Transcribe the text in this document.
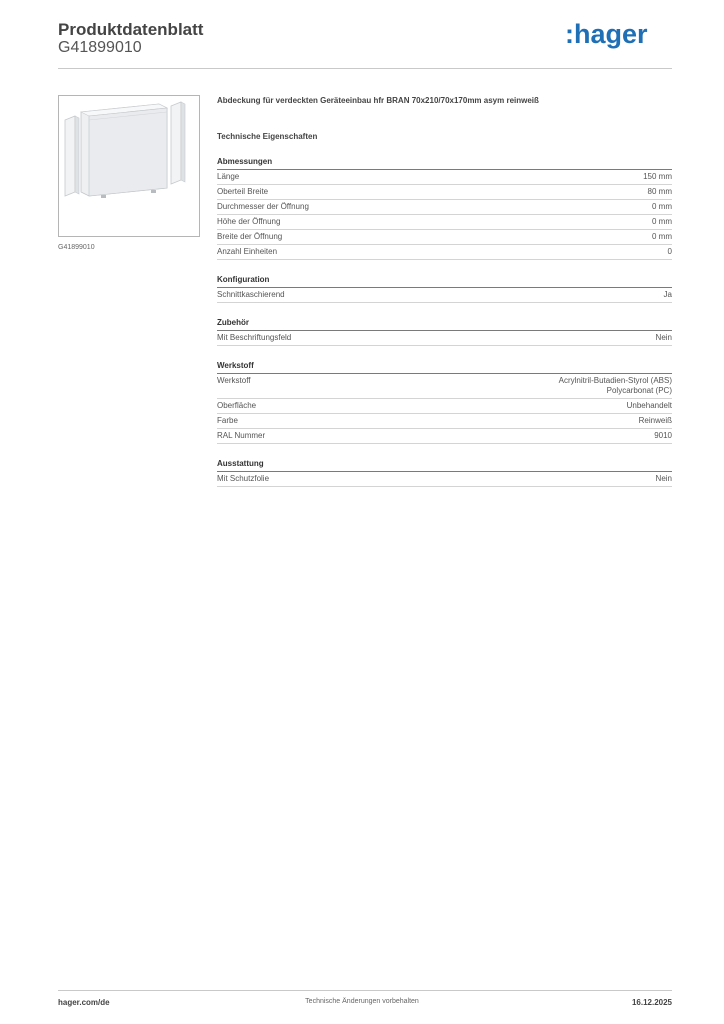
Produktdatenblatt
G41899010	:hager
G41899010

Abdeckung für verdeckten Geräteeinbau hfr BRAN 70x210/70x170mm asym reinweiß

Technische Eigenschaften

Abmessungen
Länge	150 mm
Oberteil Breite	80 mm
Durchmesser der Öffnung	0 mm
Höhe der Öffnung	0 mm
Breite der Öffnung	0 mm
Anzahl Einheiten	0
Konfiguration
Schnittkaschierend	Ja
Zubehör
Mit Beschriftungsfeld	Nein
Werkstoff
Werkstoff	Acrylnitril-Butadien-Styrol (ABS)
Polycarbonat (PC)
Oberfläche	Unbehandelt
Farbe	Reinweiß
RAL Nummer	9010
Ausstattung
Mit Schutzfolie	Nein
hager.com/de	Technische Änderungen vorbehalten	16.12.2025
